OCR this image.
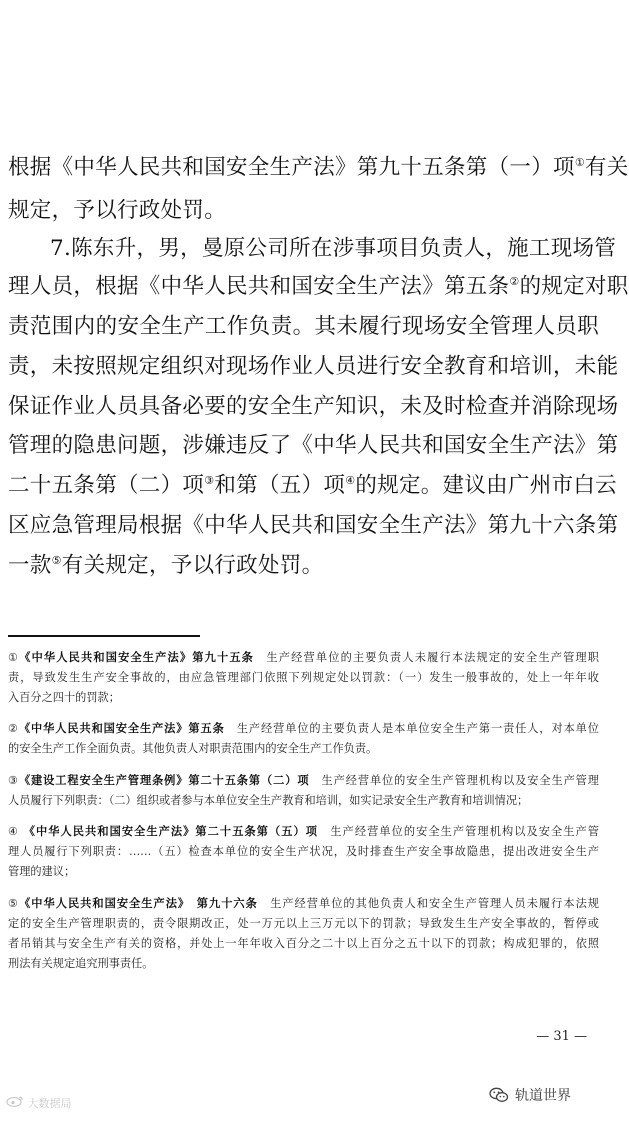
根据《中华人民共和国安全生产法》第九十五条第（一）项①有关
规定，予以行政处罚。
7.陈东升，男，曼原公司所在涉事项目负责人，施工现场管
理人员，根据《中华人民共和国安全生产法》第五条②的规定对职
责范围内的安全生产工作负责。其未履行现场安全管理人员职
责，未按照规定组织对现场作业人员进行安全教育和培训，未能
保证作业人员具备必要的安全生产知识，未及时检查并消除现场
管理的隐患问题，涉嫌违反了《中华人民共和国安全生产法》第
二十五条第（二）项③和第（五）项④的规定。建议由广州市白云
区应急管理局根据《中华人民共和国安全生产法》第九十六条第
一款⑤有关规定，予以行政处罚。
①《中华人民共和国安全生产法》第九十五条　 生产经营单位的主要负责人未履行本法规定的安全生产管理职
责，导致发生生产安全事故的，由应急管理部门依照下列规定处以罚款：（一）发生一般事故的，处上一年年收
入百分之四十的罚款；
②《中华人民共和国安全生产法》第五条　 生产经营单位的主要负责人是本单位安全生产第一责任人，对本单位
的安全生产工作全面负责。其他负责人对职责范围内的安全生产工作负责。
③《建设工程安全生产管理条例》第二十五条第（二）项　 生产经营单位的安全生产管理机构以及安全生产管理
人员履行下列职责：（二）组织或者参与本单位安全生产教育和培训，如实记录安全生产教育和培训情况；
④ 《中华人民共和国安全生产法》第二十五条第（五）项　 生产经营单位的安全生产管理机构以及安全生产管
理人员履行下列职责：……（五）检查本单位的安全生产状况，及时排查生产安全事故隐患，提出改进安全生产
管理的建议；
⑤《中华人民共和国安全生产法》　第九十六条　 生产经营单位的其他负责人和安全生产管理人员未履行本法规
定的安全生产管理职责的，责令限期改正，处一万元以上三万元以下的罚款；导致发生生产安全事故的，暂停或
者吊销其与安全生产有关的资格，并处上一年年收入百分之二十以上百分之五十以下的罚款；构成犯罪的，依照
刑法有关规定追究刑事责任。
— 31 —
大数据局	轨道世界
